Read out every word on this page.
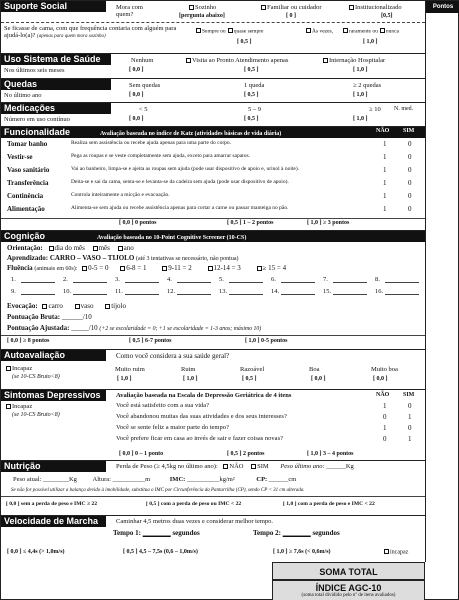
Pontos
Suporte Social	Mora com quem?
Sozinho
[pergunta abaixo]
Familiar ou cuidador
[ 0 ]
Institucionalizado
[0,5]
Se ficasse de cama, com que frequência contaria com alguém para ajudá-lo(a)? (apenas para quem mora sozinho)
Sempre ou quase sempre	Às vezes,	raramente ou nunca
[ 0,5 ]	[ 1,0 ]
Uso Sistema de Saúde
Nos últimos seis meses
Nenhum	Visita ao Pronto Atendimento apenas	Internação Hospitalar
[ 0,0 ]	[ 0,5 ]	[ 1,0 ]
Quedas
No último ano
Sem quedas	1 queda	≥ 2 quedas
[ 0,0 ]	[ 0,5 ]	[ 1,0 ]
Medicações
Número em uso contínuo
< 5	5 – 9	≥ 10 N. med.
[ 0,0 ]	[ 0,5 ]	[ 1,0 ]
Funcionalidade	Avaliação baseada no índice de Katz (atividades básicas de vida diária)	NÃO SIM
Tomar banho	Realiza sem assistência ou recebe ajuda apenas para uma parte do corpo.	1	0
Vestir-se	Pega as roupas e se veste completamente sem ajuda, exceto para amarrar sapatos.	1	0
Vaso sanitário	Vai ao banheiro, limpa-se e ajeita as roupas sem ajuda (pode usar dispositivo de apoio e, urinol à noite).	1	0
Transferência	Deita-se e sai da cama, senta-se e levanta-se da cadeira sem ajuda (pode usar dispositivo de apoio).	1	0
Continência	Controla inteiramente a micção e evacuação.	1	0
Alimentação	Alimenta-se sem ajuda ou recebe assistência apenas para cortar a carne ou passar manteiga no pão.	1	0
[ 0,0 ] 0 pontos	[ 0,5 ] 1 – 2 pontos	[ 1,0 ] ≥ 3 pontos
Cognição	Avaliação baseada no 10-Point Cognitive Screener (10-CS)
Orientação: dia do mês mês ano
Aprendizado: CARRO – VASO – TIJOLO (até 3 tentativas se necessário, não pontua)
Fluência (animais em 60s): 0-5 = 0	6-8 = 1	9-11 = 2	12-14 = 3	≥ 15 = 4
1.	2.	3.	4.	5.	6.	7.	8.
9.	10.	11.	12.	13.	14.	15.	16.
Evocação: carro	vaso	tijolo
Pontuação Bruta: ______/10
Pontuação Ajustada: _____/10 (+2 se escolaridade = 0; +1 se escolaridade = 1-3 anos; máximo 10)
[ 0,0 ] ≥ 8 pontos	[ 0,5 ] 6-7 pontos	[ 1,0 ] 0-5 pontos
Autoavaliação	Como você considera a sua saúde geral?
Incapaz
(se 10-CS Bruto<8)
Muito ruim
[ 1,0 ]
Ruim
[ 1,0 ]
Razoável
[ 0,5 ]
Boa
[ 0,0 ]
Muito boa
[ 0,0 ]
Sintomas Depressivos	Avaliação baseada na Escala de Depressão Geriátrica de 4 itens	NÃO SIM
Incapaz
(se 10-CS Bruto<8)
Você está satisfeito com a sua vida?	1	0
Você abandonou muitas das suas atividades e dos seus interesses?	0	1
Você se sente feliz a maior parte do tempo?	1	0
Você prefere ficar em casa ao invés de sair e fazer coisas novas?	0	1
[ 0,0 ] 0 – 1 ponto	[ 0,5 ] 2 pontos	[ 1,0 ] 3 – 4 pontos
Nutrição	Perda de Peso (≥ 4,5kg no último ano): NÃO SIM Peso último ano: ______Kg
Peso atual: ________Kg Altura: __________m	IMC: __________kg/m²	CP: ______cm
Se não for possível utilizar a balança devido à imobilidade, substitua o IMC por Circunferência da Panturrilha (CP), sendo CP < 31 cm alterada.
[ 0,0 ] sem a perda de peso e IMC ≥ 22	[ 0,5 ] com a perda de peso ou IMC < 22	[ 1,0 ] com a perda de peso e IMC < 22
Velocidade de Marcha	Caminhar 4,5 metros duas vezes e considerar melhor tempo.
Tempo 1: ________ segundos	Tempo 2: ________ segundos
[ 0,0 ] ≤ 4,4s (> 1,0m/s)	[ 0,5 ] 4,5 – 7,5s (0,6 – 1,0m/s)	[ 1,0 ] ≥ 7,6s (< 0,6m/s)	incapaz
SOMA TOTAL
ÍNDICE AGC-10
(soma total dividido pelo nº de itens avaliados)
